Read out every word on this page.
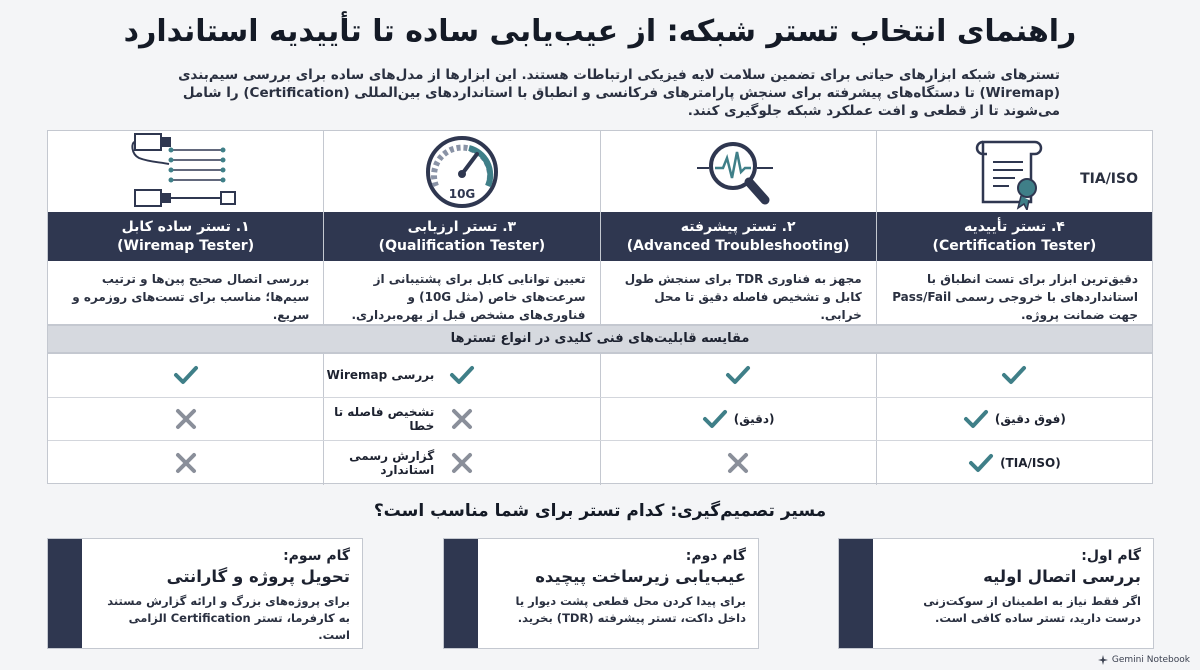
راهنمای انتخاب تستر شبکه: از عیب‌یابی ساده تا تأییدیه استاندارد
تسترهای شبکه ابزارهای حیاتی برای تضمین سلامت لایه فیزیکی ارتباطات هستند. این ابزارها از مدل‌های ساده برای بررسی سیم‌بندی (Wiremap) تا دستگاه‌های پیشرفته برای سنجش پارامترهای فرکانسی و انطباق با استانداردهای بین‌المللی (Certification) را شامل می‌شوند تا از قطعی و افت عملکرد شبکه جلوگیری کنند.
TIA/ISO
۴. تستر تأییدیه
(Certification Tester)
دقیق‌ترین ابزار برای تست انطباق با استانداردهای با خروجی رسمی Pass/Fail جهت ضمانت پروژه.
۲. تستر پیشرفته
(Advanced Troubleshooting)
مجهز به فناوری TDR برای سنجش طول کابل و تشخیص فاصله دقیق تا محل خرابی.
10G
۳. تستر ارزیابی
(Qualification Tester)
تعیین توانایی کابل برای پشتیبانی از سرعت‌های خاص (مثل 10G) و فناوری‌های مشخص قبل از بهره‌برداری.
۱. تستر ساده کابل
(Wiremap Tester)
بررسی اتصال صحیح پین‌ها و ترتیب سیم‌ها؛ مناسب برای تست‌های روزمره و سریع.
مقایسه قابلیت‌های فنی کلیدی در انواع تسترها
بررسی Wiremap
(فوق دقیق)
(دقیق)
تشخیص فاصله تا خطا
(TIA/ISO)
گزارش رسمی استاندارد
مسیر تصمیم‌گیری: کدام تستر برای شما مناسب است؟
گام اول:
بررسی اتصال اولیه
اگر فقط نیاز به اطمینان از سوکت‌زنی درست دارید، تستر ساده کافی است.
گام دوم:
عیب‌یابی زیرساخت پیچیده
برای پیدا کردن محل قطعی پشت دیوار یا داخل داکت، تستر پیشرفته (TDR) بخرید.
گام سوم:
تحویل پروژه و گارانتی
برای پروژه‌های بزرگ و ارائه گزارش مستند به کارفرما، تستر Certification الزامی است.
Gemini Notebook
